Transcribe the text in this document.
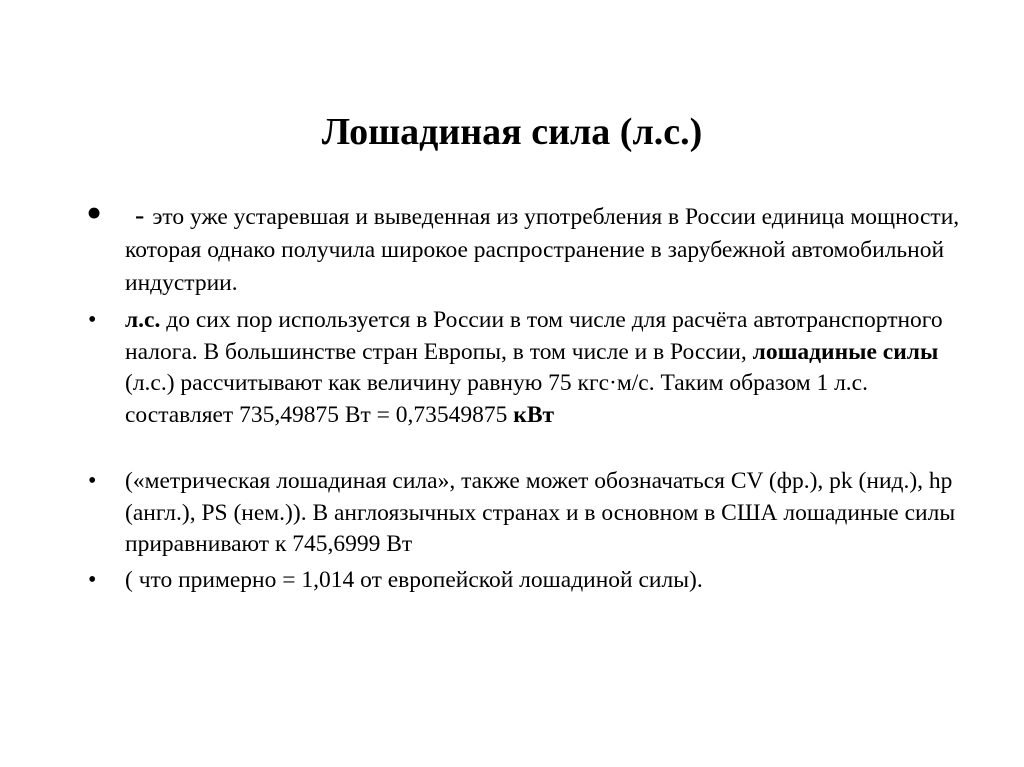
Лошадиная сила (л.с.)
•	- это уже устаревшая и выведенная из употребления в России единица мощности, которая однако получила широкое распространение в зарубежной автомобильной индустрии.
• л.с. до сих пор используется в России в том числе для расчёта автотранспортного налога. В большинстве стран Европы, в том числе и в России, лошадиные силы (л.с.) рассчитывают как величину равную 75 кгс·м/с. Таким образом 1 л.с. составляет 735,49875 Вт = 0,73549875 кВт
• («метрическая лошадиная сила», также может обозначаться CV (фр.), pk (нид.), hp (англ.), PS (нем.)). В англоязычных странах и в основном в США лошадиные силы приравнивают к 745,6999 Вт
• ( что примерно = 1,014 от европейской лошадиной силы).
